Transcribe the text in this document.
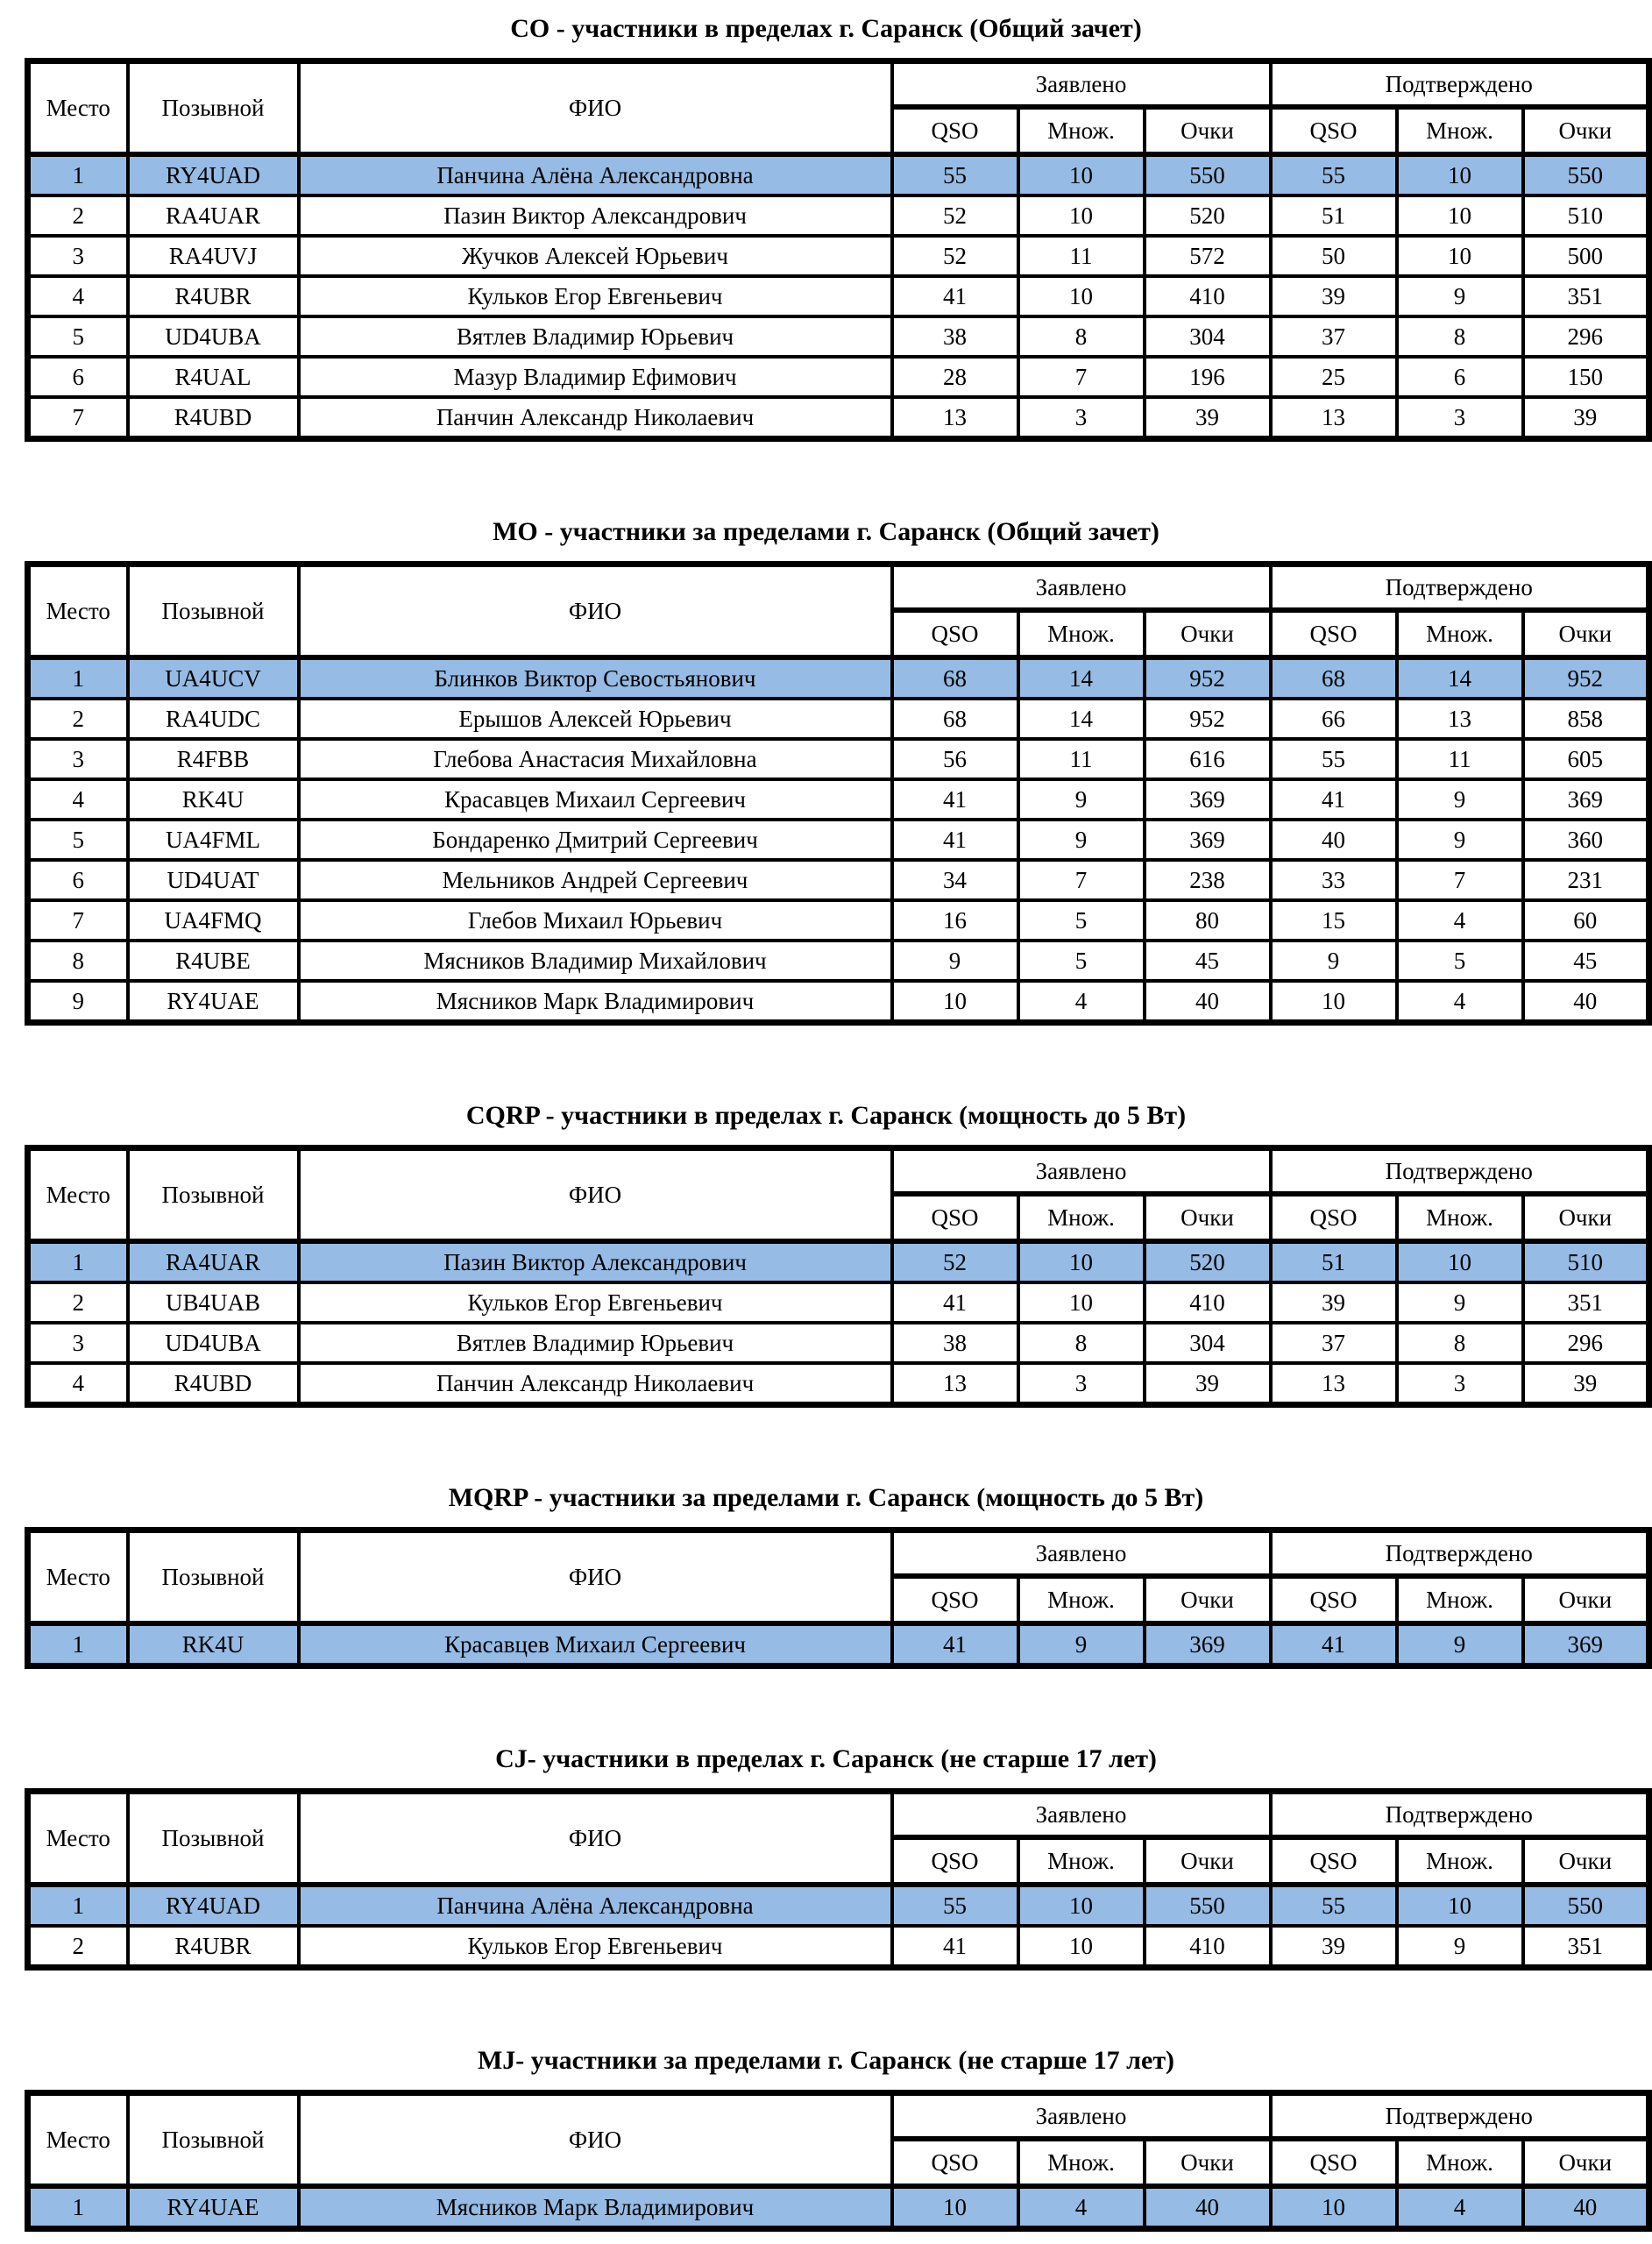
СО - участники в пределах г. Саранск (Общий зачет)
Место	Позывной	ФИО	Заявлено			Подтверждено		
			QSO	Множ.	Очки	QSO	Множ.	Очки
1	RY4UAD	Панчина Алёна Александровна	55	10	550	55	10	550
2	RA4UAR	Пазин Виктор Александрович	52	10	520	51	10	510
3	RA4UVJ	Жучков Алексей Юрьевич	52	11	572	50	10	500
4	R4UBR	Кульков Егор Евгеньевич	41	10	410	39	9	351
5	UD4UBA	Вятлев Владимир Юрьевич	38	8	304	37	8	296
6	R4UAL	Мазур Владимир Ефимович	28	7	196	25	6	150
7	R4UBD	Панчин Александр Николаевич	13	3	39	13	3	39
МО - участники за пределами г. Саранск (Общий зачет)
Место	Позывной	ФИО	Заявлено			Подтверждено		
			QSO	Множ.	Очки	QSO	Множ.	Очки
1	UA4UCV	Блинков Виктор Севостьянович	68	14	952	68	14	952
2	RA4UDC	Ерышов Алексей Юрьевич	68	14	952	66	13	858
3	R4FBB	Глебова Анастасия Михайловна	56	11	616	55	11	605
4	RK4U	Красавцев Михаил Сергеевич	41	9	369	41	9	369
5	UA4FML	Бондаренко Дмитрий Сергеевич	41	9	369	40	9	360
6	UD4UAT	Мельников Андрей Сергеевич	34	7	238	33	7	231
7	UA4FMQ	Глебов Михаил Юрьевич	16	5	80	15	4	60
8	R4UBE	Мясников Владимир Михайлович	9	5	45	9	5	45
9	RY4UAE	Мясников Марк Владимирович	10	4	40	10	4	40
CQRP - участники в пределах г. Саранск (мощность до 5 Вт)
Место	Позывной	ФИО	Заявлено			Подтверждено		
			QSO	Множ.	Очки	QSO	Множ.	Очки
1	RA4UAR	Пазин Виктор Александрович	52	10	520	51	10	510
2	UB4UAB	Кульков Егор Евгеньевич	41	10	410	39	9	351
3	UD4UBA	Вятлев Владимир Юрьевич	38	8	304	37	8	296
4	R4UBD	Панчин Александр Николаевич	13	3	39	13	3	39
MQRP - участники за пределами г. Саранск (мощность до 5 Вт)
Место	Позывной	ФИО	Заявлено			Подтверждено		
			QSO	Множ.	Очки	QSO	Множ.	Очки
1	RK4U	Красавцев Михаил Сергеевич	41	9	369	41	9	369
CJ- участники в пределах г. Саранск (не старше 17 лет)
Место	Позывной	ФИО	Заявлено			Подтверждено		
			QSO	Множ.	Очки	QSO	Множ.	Очки
1	RY4UAD	Панчина Алёна Александровна	55	10	550	55	10	550
2	R4UBR	Кульков Егор Евгеньевич	41	10	410	39	9	351
MJ- участники за пределами г. Саранск (не старше 17 лет)
Место	Позывной	ФИО	Заявлено			Подтверждено		
			QSO	Множ.	Очки	QSO	Множ.	Очки
1	RY4UAE	Мясников Марк Владимирович	10	4	40	10	4	40
